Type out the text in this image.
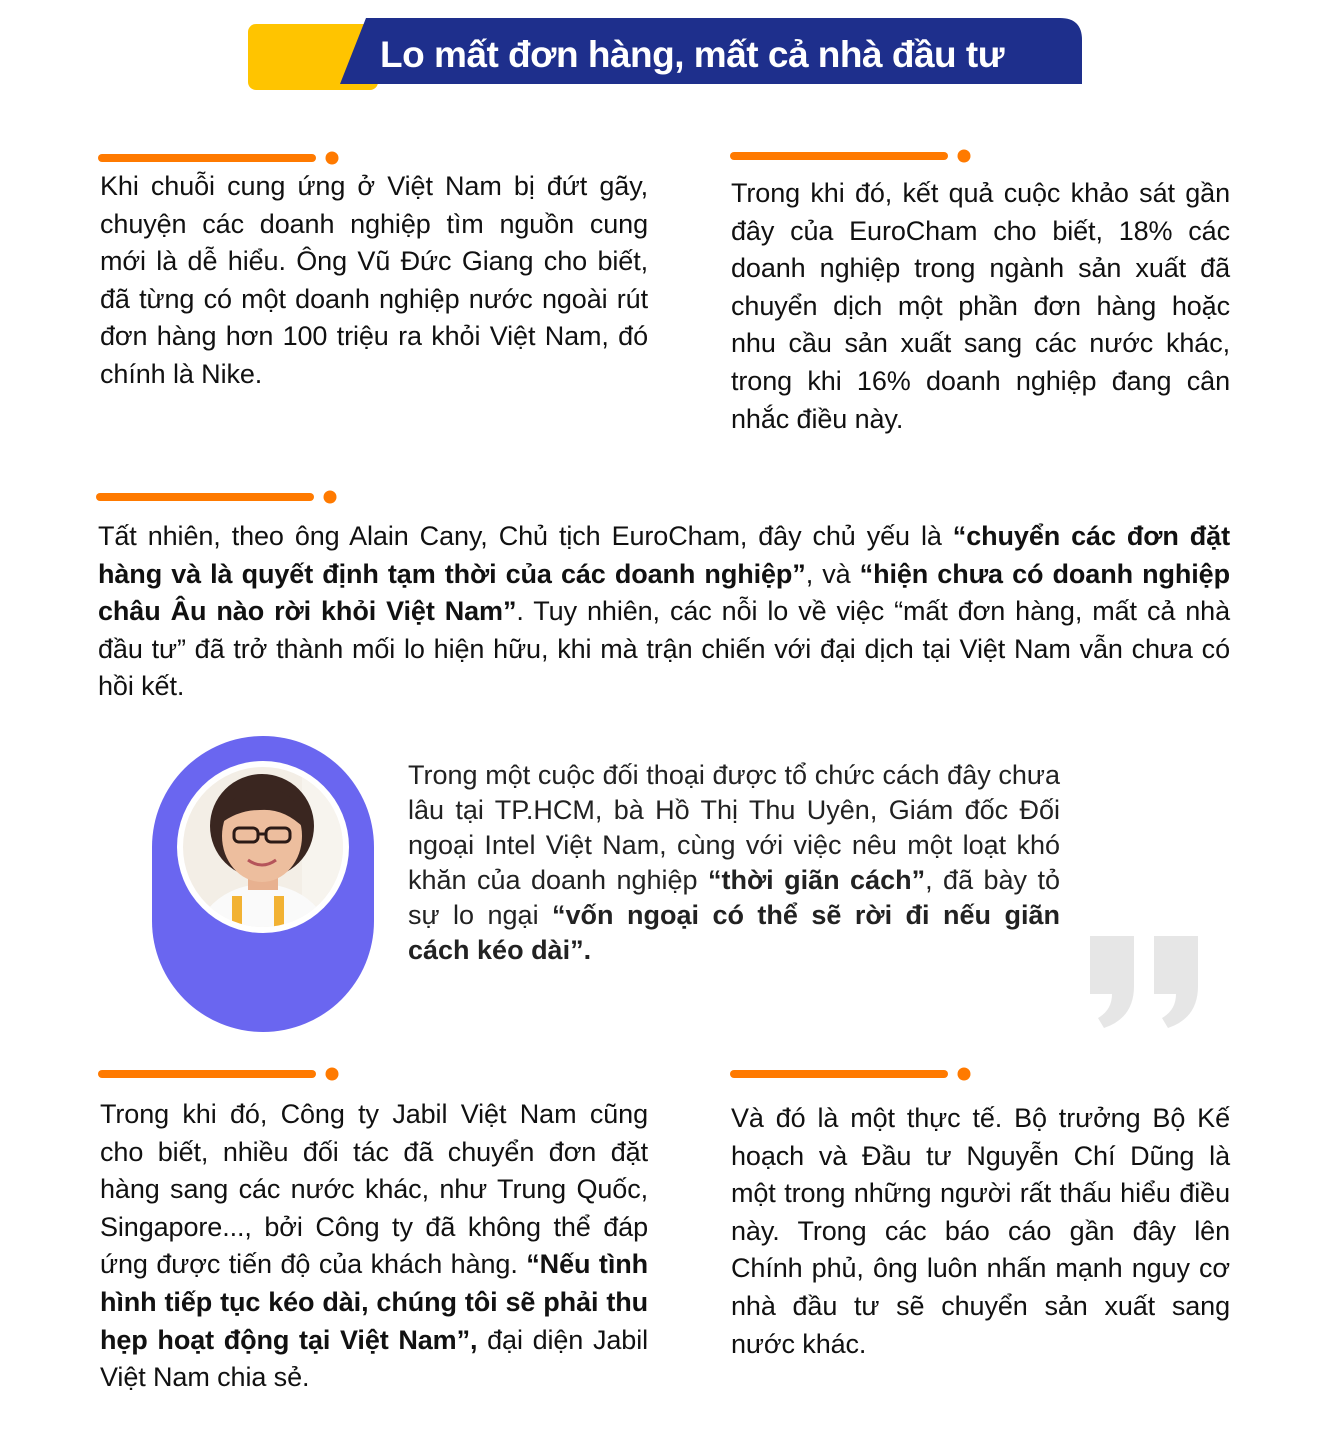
Lo mất đơn hàng, mất cả nhà đầu tư

Khi chuỗi cung ứng ở Việt Nam bị đứt gãy, chuyện các doanh nghiệp tìm nguồn cung mới là dễ hiểu. Ông Vũ Đức Giang cho biết, đã từng có một doanh nghiệp nước ngoài rút đơn hàng hơn 100 triệu ra khỏi Việt Nam, đó chính là Nike.

Trong khi đó, kết quả cuộc khảo sát gần đây của EuroCham cho biết, 18% các doanh nghiệp trong ngành sản xuất đã chuyển dịch một phần đơn hàng hoặc nhu cầu sản xuất sang các nước khác, trong khi 16% doanh nghiệp đang cân nhắc điều này.

Tất nhiên, theo ông Alain Cany, Chủ tịch EuroCham, đây chủ yếu là “chuyển các đơn đặt hàng và là quyết định tạm thời của các doanh nghiệp”, và “hiện chưa có doanh nghiệp châu Âu nào rời khỏi Việt Nam”. Tuy nhiên, các nỗi lo về việc “mất đơn hàng, mất cả nhà đầu tư” đã trở thành mối lo hiện hữu, khi mà trận chiến với đại dịch tại Việt Nam vẫn chưa có hồi kết.

Trong một cuộc đối thoại được tổ chức cách đây chưa lâu tại TP.HCM, bà Hồ Thị Thu Uyên, Giám đốc Đối ngoại Intel Việt Nam, cùng với việc nêu một loạt khó khăn của doanh nghiệp “thời giãn cách”, đã bày tỏ sự lo ngại “vốn ngoại có thể sẽ rời đi nếu giãn cách kéo dài”.

Trong khi đó, Công ty Jabil Việt Nam cũng cho biết, nhiều đối tác đã chuyển đơn đặt hàng sang các nước khác, như Trung Quốc, Singapore..., bởi Công ty đã không thể đáp ứng được tiến độ của khách hàng. “Nếu tình hình tiếp tục kéo dài, chúng tôi sẽ phải thu hẹp hoạt động tại Việt Nam”, đại diện Jabil Việt Nam chia sẻ.

Và đó là một thực tế. Bộ trưởng Bộ Kế hoạch và Đầu tư Nguyễn Chí Dũng là một trong những người rất thấu hiểu điều này. Trong các báo cáo gần đây lên Chính phủ, ông luôn nhấn mạnh nguy cơ nhà đầu tư sẽ chuyển sản xuất sang nước khác.
